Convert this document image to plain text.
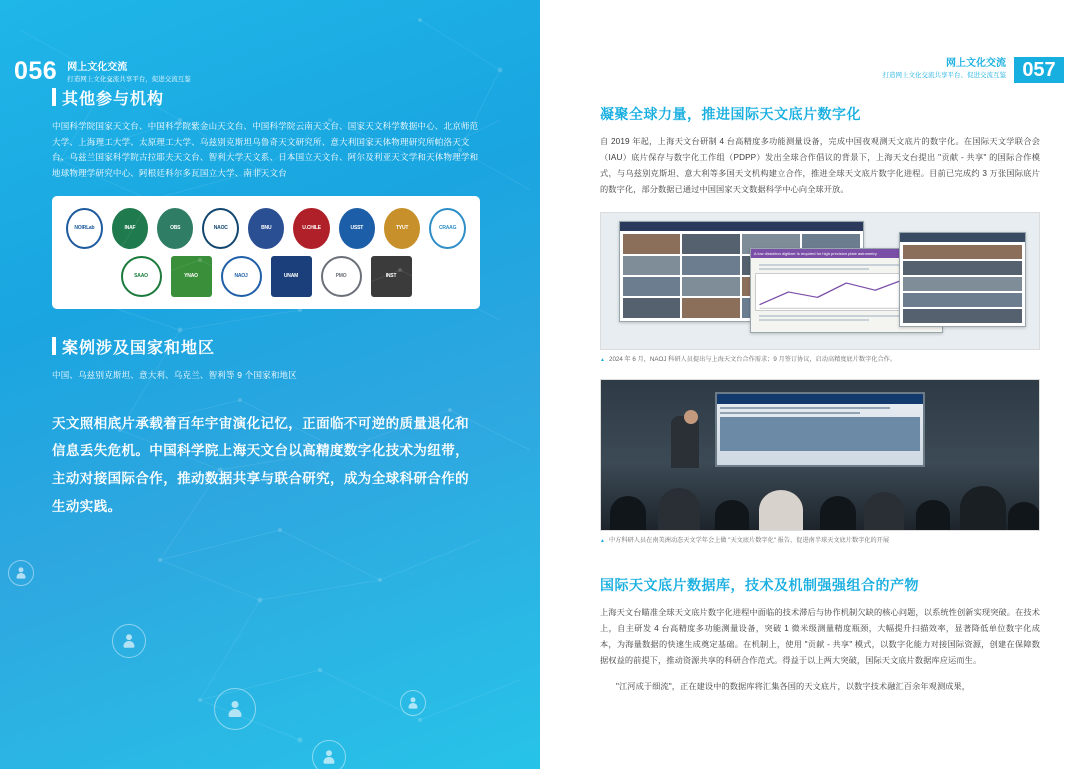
056 网上文化交流
打造网上文化交流共享平台，促进交流互鉴
其他参与机构
中国科学院国家天文台、中国科学院紫金山天文台、中国科学院云南天文台、国家天文科学数据中心、北京师范大学、上海理工大学、太原理工大学、乌兹别克斯坦乌鲁奇天文研究所、意大利国家天体物理研究所帕洛天文台、乌兹兰国家科学院古拉耶夫天文台、智利大学天文系、日本国立天文台、阿尔及利亚天文学和天体物理学和地球物理学研究中心、阿根廷科尔多瓦国立大学、南非天文台
NOIRLab	INAF	OBS	NAOC	BNU	U.CHILE	USST	TYUT	CRAAG
SAAO	YNAO	NAOJ	UNAM	PMO	INST
案例涉及国家和地区
中国、乌兹别克斯坦、意大利、乌克兰、智利等 9 个国家和地区
天文照相底片承载着百年宇宙演化记忆，正面临不可逆的质量退化和信息丢失危机。中国科学院上海天文台以高精度数字化技术为纽带，主动对接国际合作，推动数据共享与联合研究，成为全球科研合作的生动实践。
网上文化交流
打造网上文化交流共享平台、促进交流互鉴 057
凝聚全球力量，推进国际天文底片数字化
自 2019 年起，上海天文台研制 4 台高精度多功能测量设备，完成中国夜观测天文底片的数字化。在国际天文学联合会（IAU）底片保存与数字化工作组（PDPP）发出全球合作倡议的背景下，上海天文台提出 "贡献 - 共享" 的国际合作模式，与乌兹别克斯坦、意大利等多国天文机构建立合作，推进全球天文底片数字化进程。目前已完成约 3 万张国际底片的数字化，部分数据已通过中国国家天文数据科学中心向全球开放。
A low distortion digitizer is required for high precision plate astrometry
▲ 2024 年 6 月，NAOJ 科研人员提出与上海天文台合作需求；9 月签订协议，启动高精度底片数字化合作。
▲ 中方科研人员在南美洲动态天文学年会上做 "天文底片数字化" 报告，促进南半球天文底片数字化的开展
国际天文底片数据库，技术及机制强强组合的产物
上海天文台瞄准全球天文底片数字化进程中面临的技术滞后与协作机制欠缺的核心问题，以系统性创新实现突破。在技术上，自主研发 4 台高精度多功能测量设备，突破 1 微米级测量精度瓶颈，大幅提升扫描效率，显著降低单位数字化成本，为海量数据的快速生成奠定基础。在机制上，使用 "贡献 - 共享" 模式，以数字化能力对接国际资源，创建在保障数据权益的前提下，推动资源共享的科研合作范式。得益于以上两大突破，国际天文底片数据库应运而生。
"江河成于细流"，正在建设中的数据库将汇集各国的天文底片，以数字技术融汇百余年观测成果，
